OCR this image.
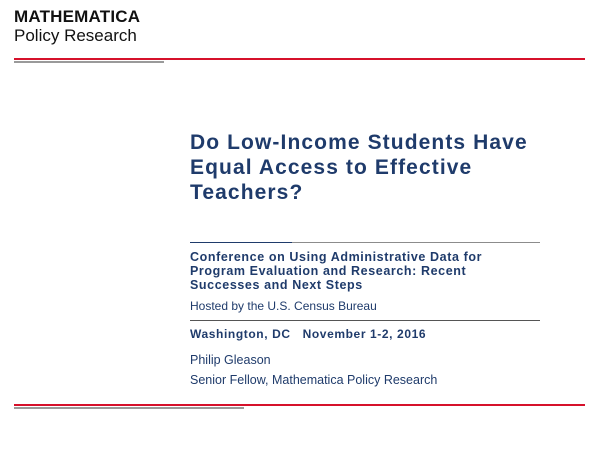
MATHEMATICA
Policy Research
Do Low-Income Students Have
Equal Access to Effective
Teachers?
Conference on Using Administrative Data for
Program Evaluation and Research: Recent
Successes and Next Steps
Hosted by the U.S. Census Bureau
Washington, DC November 1-2, 2016
Philip Gleason
Senior Fellow, Mathematica Policy Research
